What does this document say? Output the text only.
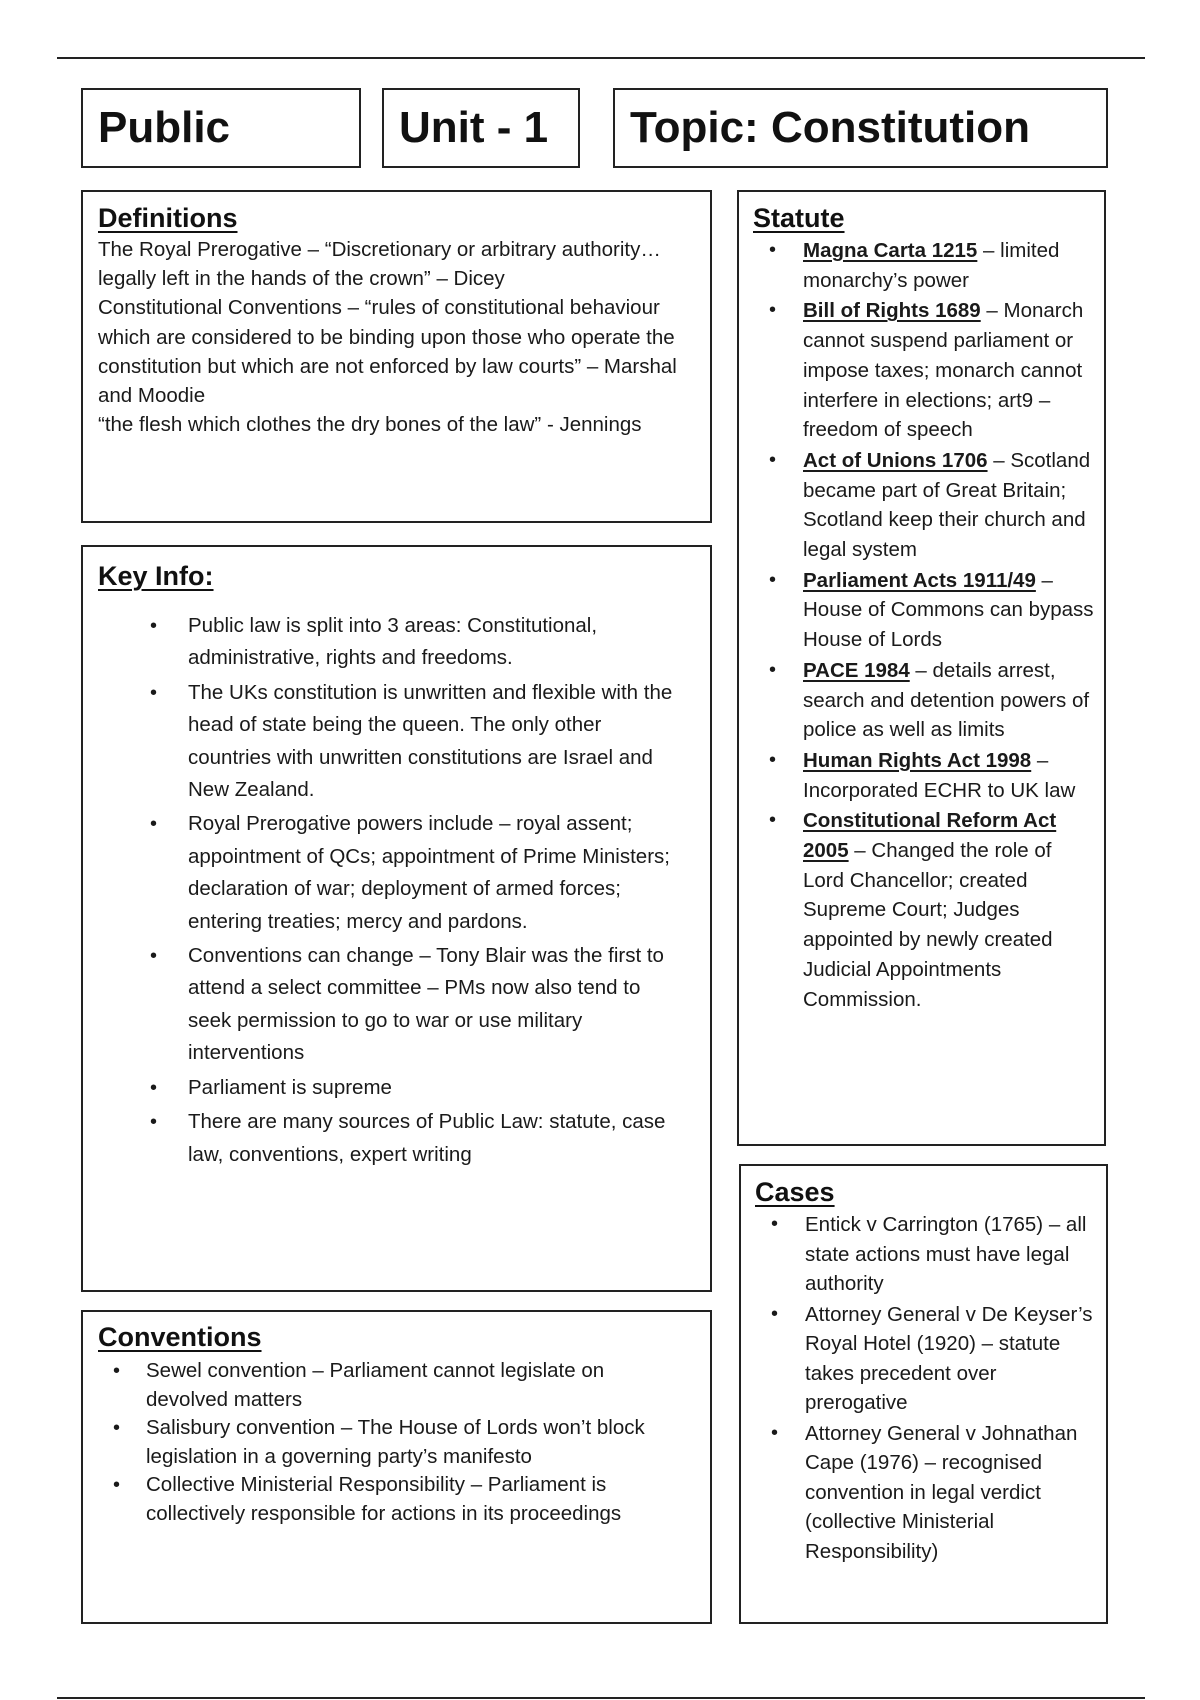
Public	Unit - 1 Topic: Constitution
Definitions

The Royal Prerogative – “Discretionary or arbitrary authority… legally left in the hands of the crown” – Dicey

Constitutional Conventions – “rules of constitutional behaviour which are considered to be binding upon those who operate the constitution but which are not enforced by law courts” – Marshal and Moodie

“the flesh which clothes the dry bones of the law” - Jennings

Key Info:
• Public law is split into 3 areas: Constitutional, administrative, rights and freedoms.
• The UKs constitution is unwritten and flexible with the head of state being the queen. The only other countries with unwritten constitutions are Israel and New Zealand.
• Royal Prerogative powers include – royal assent; appointment of QCs; appointment of Prime Ministers; declaration of war; deployment of armed forces; entering treaties; mercy and pardons.
• Conventions can change – Tony Blair was the first to attend a select committee – PMs now also tend to seek permission to go to war or use military interventions
• Parliament is supreme
• There are many sources of Public Law: statute, case law, conventions, expert writing
Conventions
• Sewel convention – Parliament cannot legislate on devolved matters
• Salisbury convention – The House of Lords won’t block legislation in a governing party’s manifesto
• Collective Ministerial Responsibility – Parliament is collectively responsible for actions in its proceedings
Statute
• Magna Carta 1215 – limited monarchy’s power
• Bill of Rights 1689 – Monarch cannot suspend parliament or impose taxes; monarch cannot interfere in elections; art9 – freedom of speech
• Act of Unions 1706 – Scotland became part of Great Britain; Scotland keep their church and legal system
• Parliament Acts 1911/49 – House of Commons can bypass House of Lords
• PACE 1984 – details arrest, search and detention powers of police as well as limits
• Human Rights Act 1998 – Incorporated ECHR to UK law
• Constitutional Reform Act 2005 – Changed the role of Lord Chancellor; created Supreme Court; Judges appointed by newly created Judicial Appointments Commission.
Cases
• Entick v Carrington (1765) – all state actions must have legal authority
• Attorney General v De Keyser’s Royal Hotel (1920) – statute takes precedent over prerogative
• Attorney General v Johnathan Cape (1976) – recognised convention in legal verdict (collective Ministerial Responsibility)
